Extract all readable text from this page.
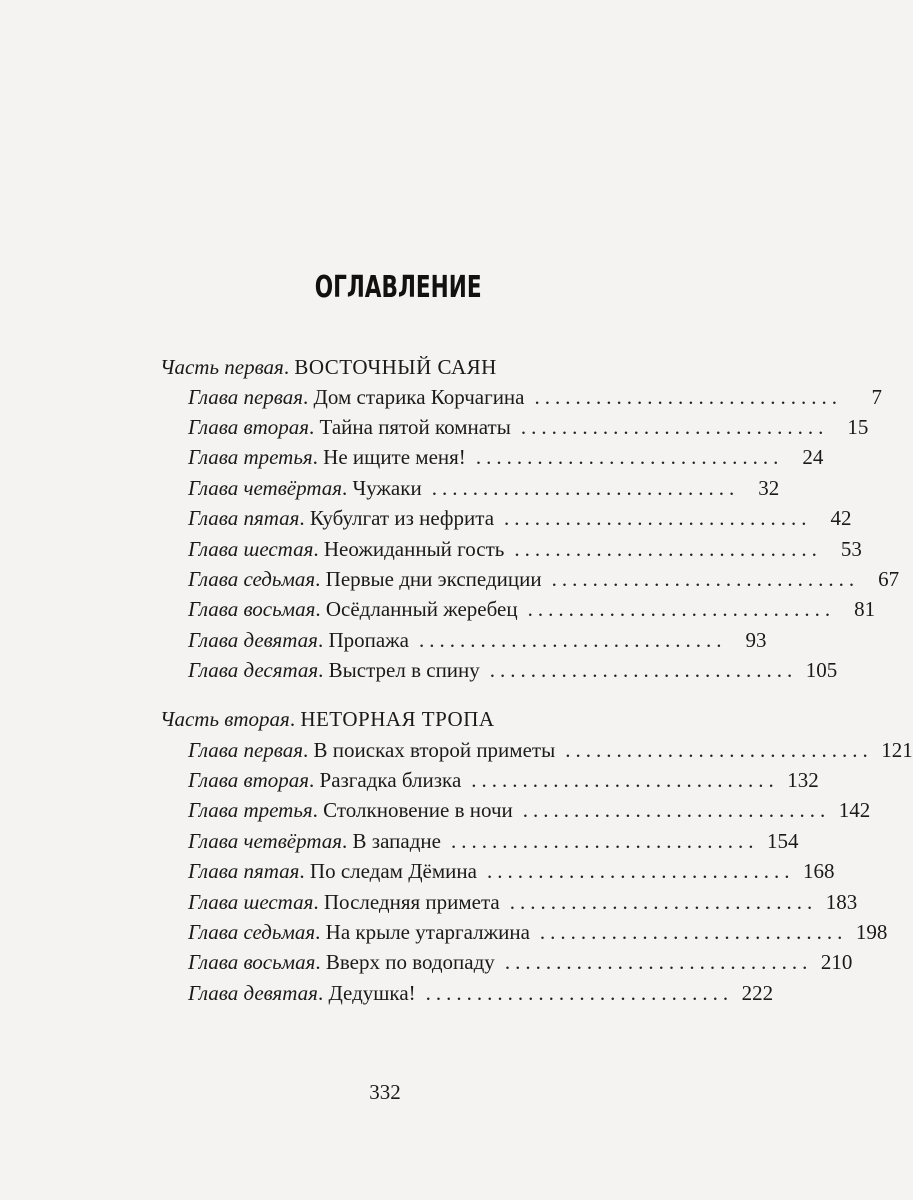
ОГЛАВЛЕНИЕ
Часть первая. ВОСТОЧНЫЙ САЯН
Глава первая . Дом старика Корчагина ..............................	7
Глава вторая . Тайна пятой комнаты .............................. 15
Глава третья . Не ищите меня! .............................. 24
Глава четвёртая . Чужаки .............................. 32
Глава пятая . Кубулгат из нефрита .............................. 42
Глава шестая . Неожиданный гость .............................. 53
Глава седьмая . Первые дни экспедиции .............................. 67
Глава восьмая . Осёдланный жеребец .............................. 81
Глава девятая . Пропажа .............................. 93
Глава десятая . Выстрел в спину .............................. 105
Часть вторая. НЕТОРНАЯ ТРОПА
Глава первая . В поисках второй приметы .............................. 121
Глава вторая . Разгадка близка .............................. 132
Глава третья . Столкновение в ночи .............................. 142
Глава четвёртая . В западне .............................. 154
Глава пятая . По следам Дёмина .............................. 168
Глава шестая . Последняя примета .............................. 183
Глава седьмая . На крыле утаргалжина .............................. 198
Глава восьмая . Вверх по водопаду .............................. 210
Глава девятая . Дедушка! .............................. 222
332
